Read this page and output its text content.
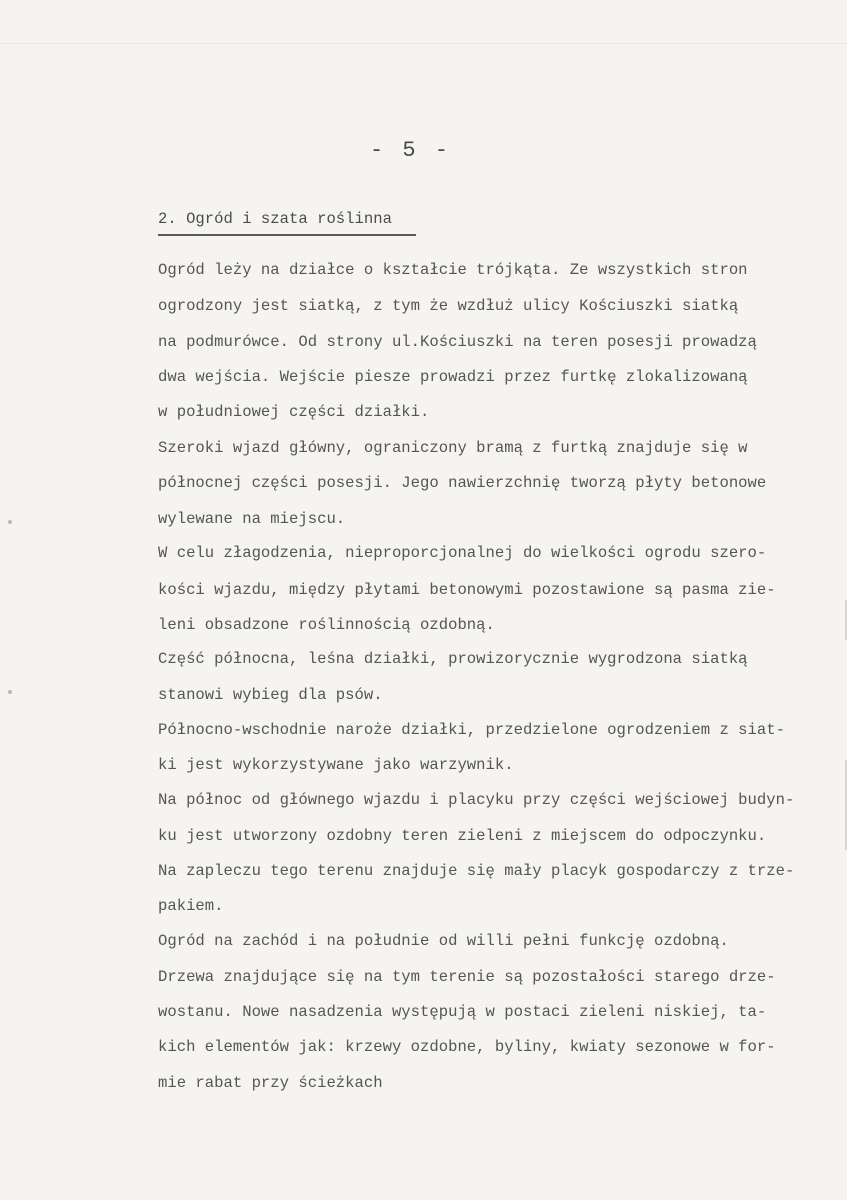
- 5 -
2. Ogród i szata roślinna
Ogród leży na działce o kształcie trójkąta. Ze wszystkich stron
ogrodzony jest siatką, z tym że wzdłuż ulicy Kościuszki siatką
na podmurówce. Od strony ul.Kościuszki na teren posesji prowadzą
dwa wejścia. Wejście piesze prowadzi przez furtkę zlokalizowaną
w południowej części działki.
Szeroki wjazd główny, ograniczony bramą z furtką znajduje się w
północnej części posesji. Jego nawierzchnię tworzą płyty betonowe
wylewane na miejscu.
W celu złagodzenia, nieproporcjonalnej do wielkości ogrodu szero-
kości wjazdu, między płytami betonowymi pozostawione są pasma zie-
leni obsadzone roślinnością ozdobną.
Część północna, leśna działki, prowizorycznie wygrodzona siatką
stanowi wybieg dla psów.
Północno-wschodnie naroże działki, przedzielone ogrodzeniem z siat-
ki jest wykorzystywane jako warzywnik.
Na północ od głównego wjazdu i placyku przy części wejściowej budyn-
ku jest utworzony ozdobny teren zieleni z miejscem do odpoczynku.
Na zapleczu tego terenu znajduje się mały placyk gospodarczy z trze-
pakiem.
Ogród na zachód i na południe od willi pełni funkcję ozdobną.
Drzewa znajdujące się na tym terenie są pozostałości starego drze-
wostanu. Nowe nasadzenia występują w postaci zieleni niskiej, ta-
kich elementów jak: krzewy ozdobne, byliny, kwiaty sezonowe w for-
mie rabat przy ścieżkach
